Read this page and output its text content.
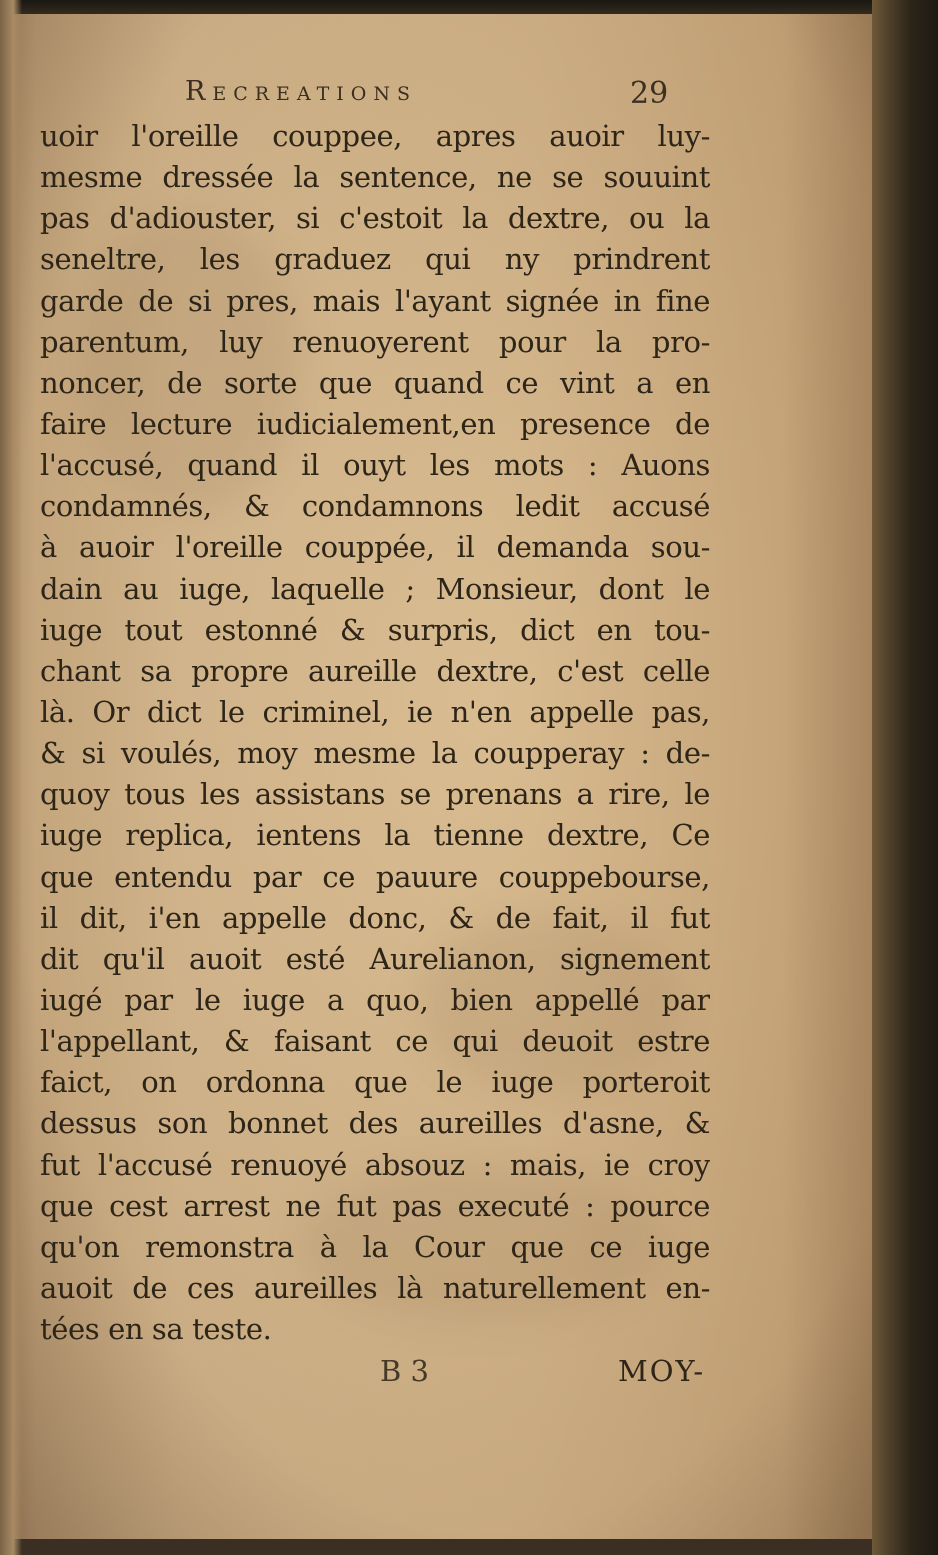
Recreations	29
uoir l'oreille couppee, apres auoir luy-
mesme dressée la sentence, ne se souuint
pas d'adiouster, si c'estoit la dextre, ou la
seneltre, les graduez qui ny prindrent
garde de si pres, mais l'ayant signée in fine
parentum, luy renuoyerent pour la pro-
noncer, de sorte que quand ce vint a en
faire lecture iudicialement,en presence de
l'accusé, quand il ouyt les mots : Auons
condamnés, & condamnons ledit accusé
à auoir l'oreille couppée, il demanda sou-
dain au iuge, laquelle ; Monsieur, dont le
iuge tout estonné & surpris, dict en tou-
chant sa propre aureille dextre, c'est celle
là. Or dict le criminel, ie n'en appelle pas,
& si voulés, moy mesme la coupperay : de-
quoy tous les assistans se prenans a rire, le
iuge replica, ientens la tienne dextre, Ce
que entendu par ce pauure couppebourse,
il dit, i'en appelle donc, & de fait, il fut
dit qu'il auoit esté Aurelianon, signement
iugé par le iuge a quo, bien appellé par
l'appellant, & faisant ce qui deuoit estre
faict, on ordonna que le iuge porteroit
dessus son bonnet des aureilles d'asne, &
fut l'accusé renuoyé absouz : mais, ie croy
que cest arrest ne fut pas executé : pource
qu'on remonstra à la Cour que ce iuge
auoit de ces aureilles là naturellement en-
tées en sa teste.
B 3	MOY-
